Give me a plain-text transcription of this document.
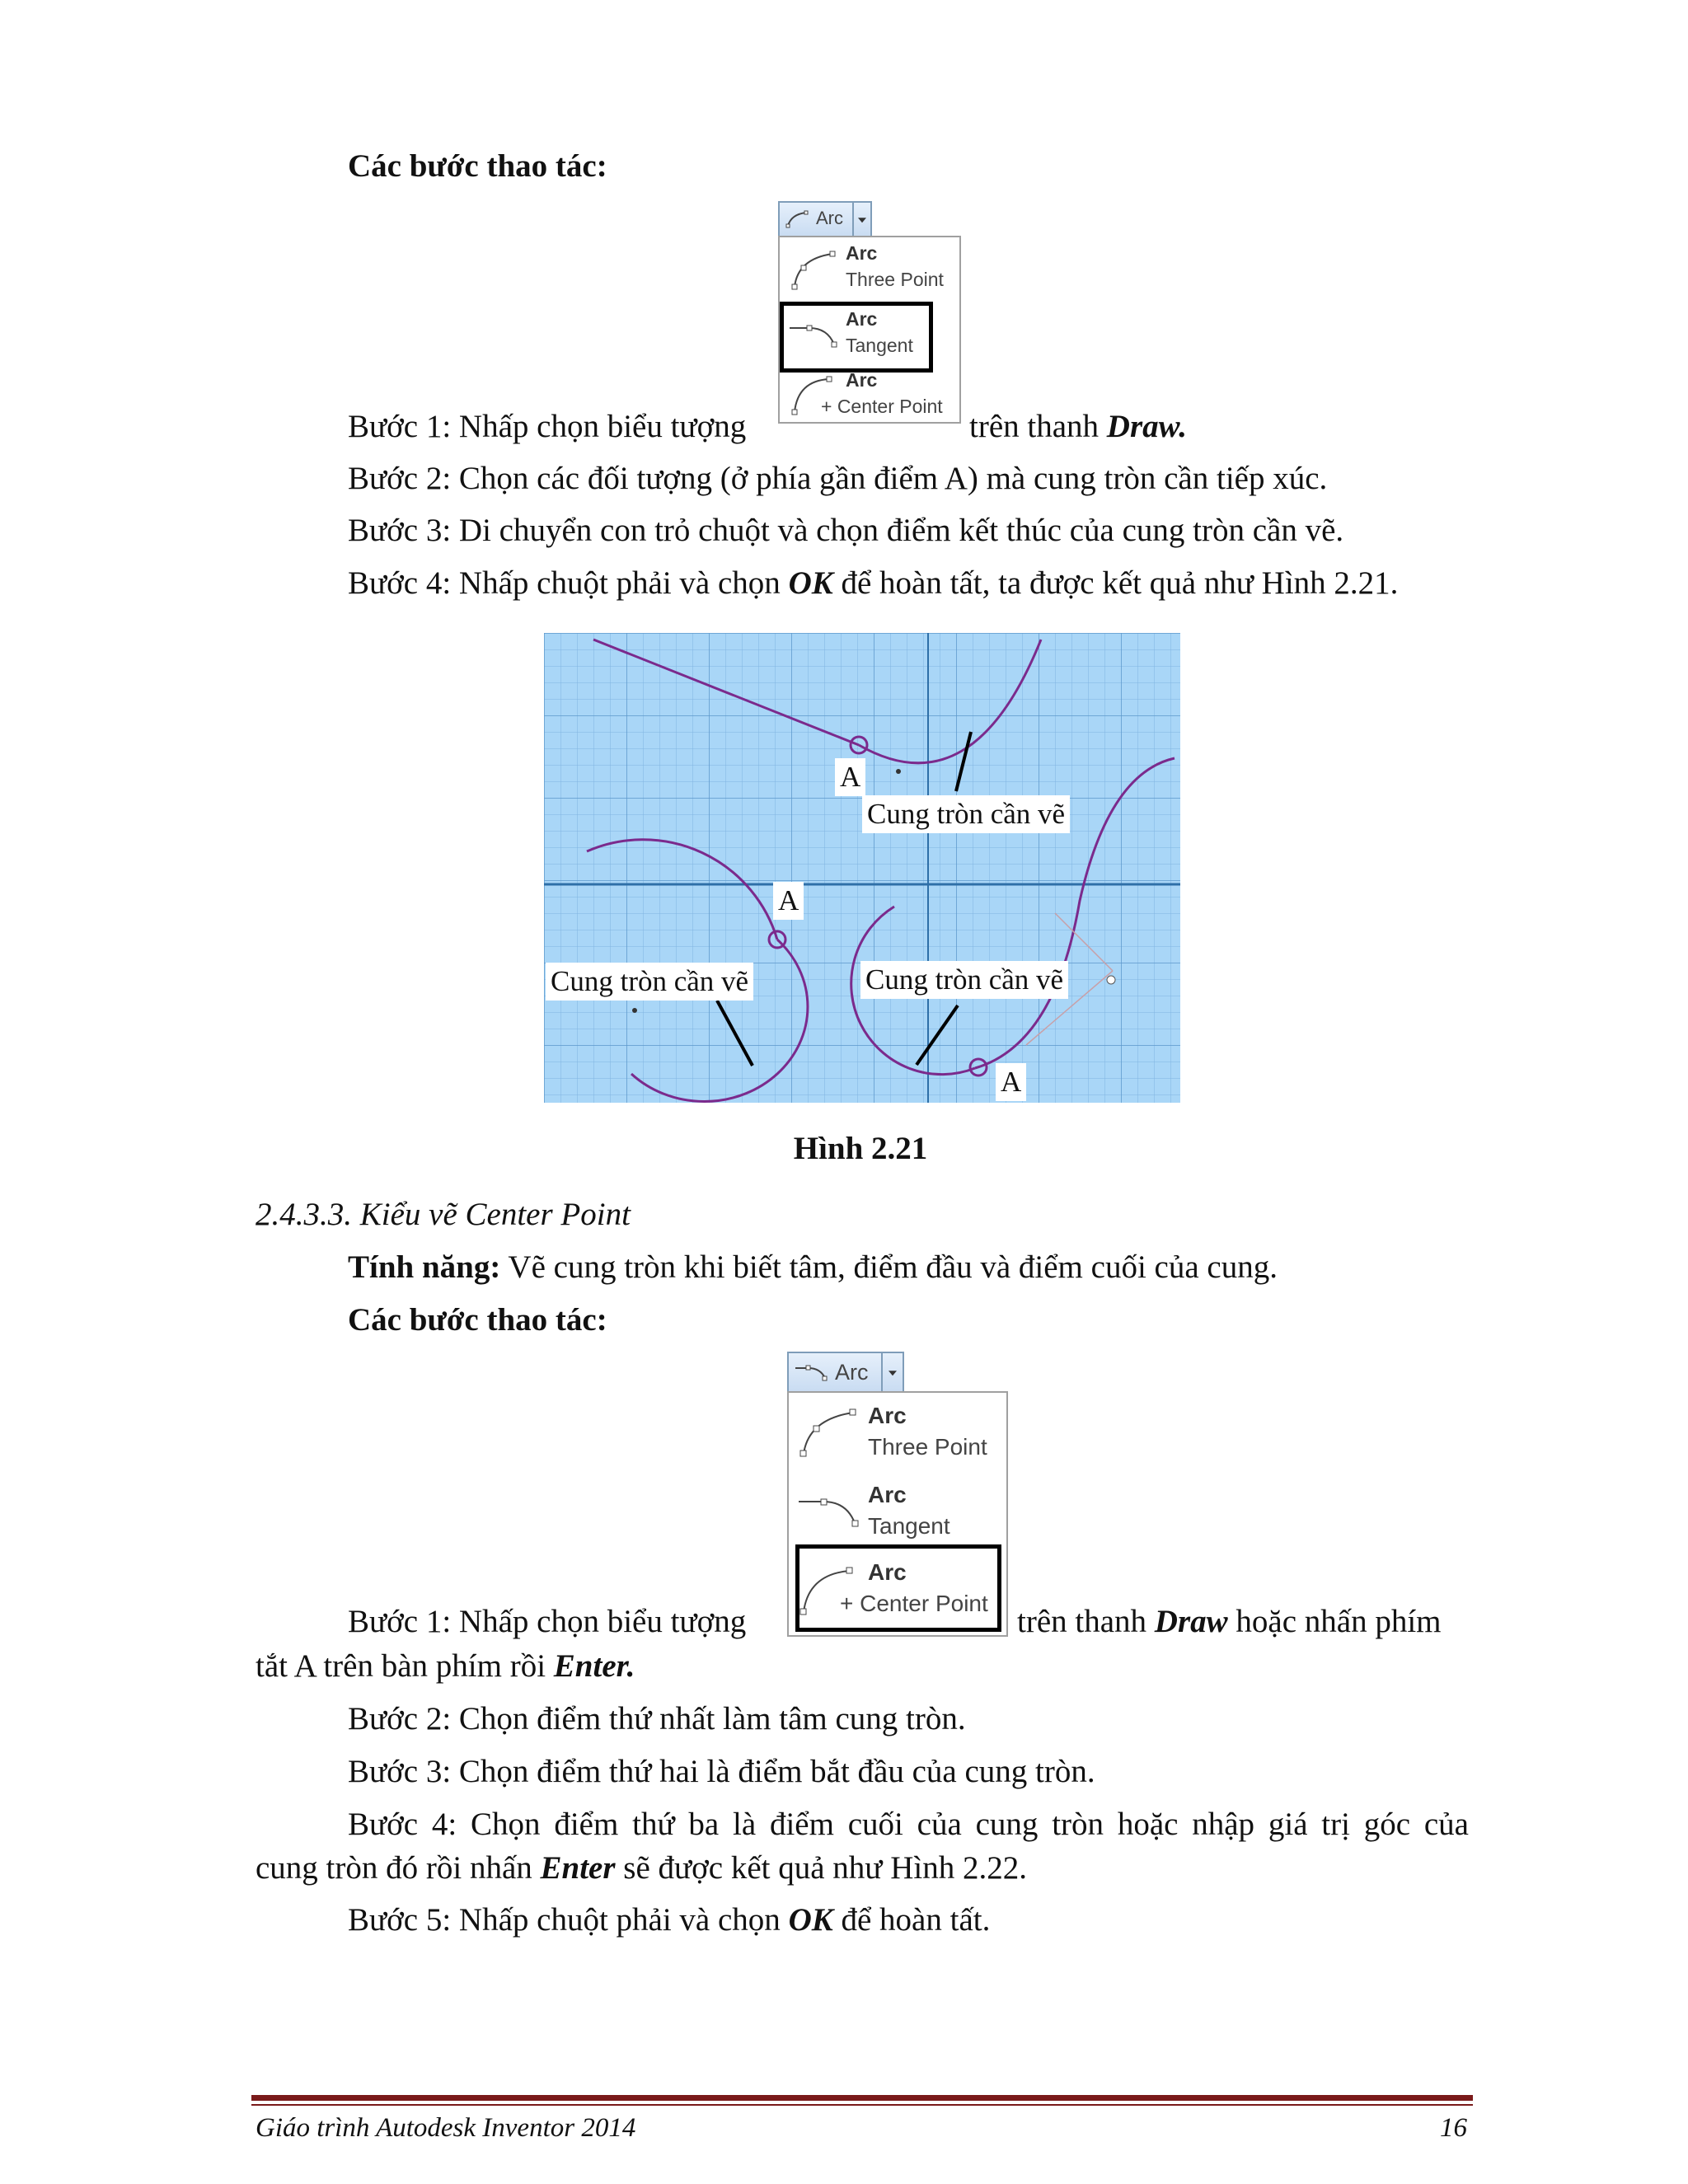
Các bước thao tác:
Arc
Arc
Three Point
Arc
Tangent
Arc
+ Center Point
Bước 1: Nhấp chọn biểu tượng	trên thanh Draw.
Bước 2: Chọn các đối tượng (ở phía gần điểm A) mà cung tròn cần tiếp xúc.
Bước 3: Di chuyển con trỏ chuột và chọn điểm kết thúc của cung tròn cần vẽ.
Bước 4: Nhấp chuột phải và chọn OK để hoàn tất, ta được kết quả như Hình 2.21.
A
Cung tròn cần vẽ
A
Cung tròn cần vẽ	Cung tròn cần vẽ
A
Hình 2.21
2.4.3.3. Kiểu vẽ Center Point
Tính năng: Vẽ cung tròn khi biết tâm, điểm đầu và điểm cuối của cung.
Các bước thao tác:
Arc
Arc
Three Point
Arc
Tangent
Arc
+ Center Point
Bước 1: Nhấp chọn biểu tượng	trên thanh Draw hoặc nhấn phím
tắt A trên bàn phím rồi Enter.
Bước 2: Chọn điểm thứ nhất làm tâm cung tròn.
Bước 3: Chọn điểm thứ hai là điểm bắt đầu của cung tròn.
Bước 4: Chọn điểm thứ ba là điểm cuối của cung tròn hoặc nhập giá trị góc của
cung tròn đó rồi nhấn Enter sẽ được kết quả như Hình 2.22.
Bước 5: Nhấp chuột phải và chọn OK để hoàn tất.
Giáo trình Autodesk Inventor 2014	16
